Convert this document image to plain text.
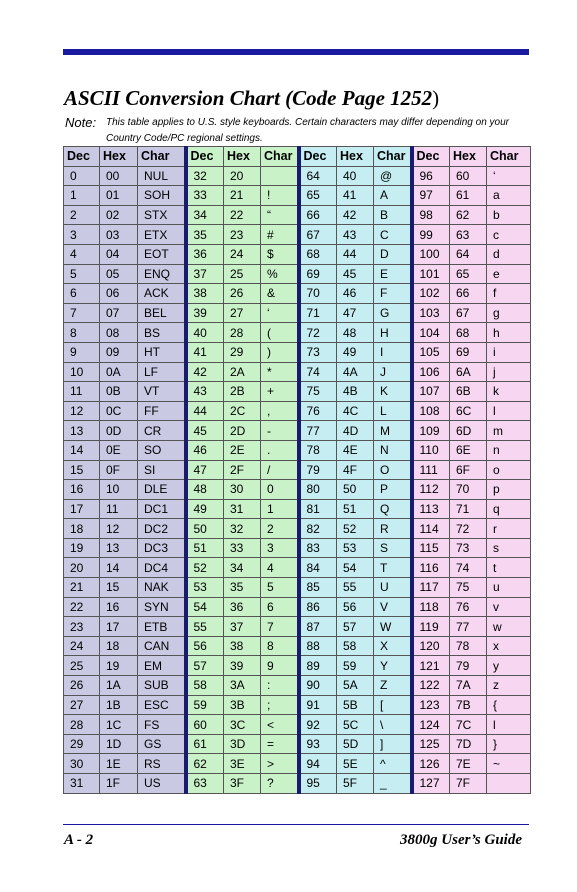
ASCII Conversion Chart (Code Page 1252)
Note: This table applies to U.S. style keyboards. Certain characters may differ depending on your Country Code/PC regional settings.
Dec	Hex	Char	Dec	Hex	Char	Dec	Hex	Char	Dec	Hex	Char
0	00	NUL	32	20		64	40	@	96	60	‘
1	01	SOH	33	21	!	65	41	A	97	61	a
2	02	STX	34	22	“	66	42	B	98	62	b
3	03	ETX	35	23	#	67	43	C	99	63	c
4	04	EOT	36	24	$	68	44	D	100	64	d
5	05	ENQ	37	25	%	69	45	E	101	65	e
6	06	ACK	38	26	&	70	46	F	102	66	f
7	07	BEL	39	27	‘	71	47	G	103	67	g
8	08	BS	40	28	(	72	48	H	104	68	h
9	09	HT	41	29	)	73	49	I	105	69	i
10	0A	LF	42	2A	*	74	4A	J	106	6A	j
11	0B	VT	43	2B	+	75	4B	K	107	6B	k
12	0C	FF	44	2C	,	76	4C	L	108	6C	l
13	0D	CR	45	2D	-	77	4D	M	109	6D	m
14	0E	SO	46	2E	.	78	4E	N	110	6E	n
15	0F	SI	47	2F	/	79	4F	O	111	6F	o
16	10	DLE	48	30	0	80	50	P	112	70	p
17	11	DC1	49	31	1	81	51	Q	113	71	q
18	12	DC2	50	32	2	82	52	R	114	72	r
19	13	DC3	51	33	3	83	53	S	115	73	s
20	14	DC4	52	34	4	84	54	T	116	74	t
21	15	NAK	53	35	5	85	55	U	117	75	u
22	16	SYN	54	36	6	86	56	V	118	76	v
23	17	ETB	55	37	7	87	57	W	119	77	w
24	18	CAN	56	38	8	88	58	X	120	78	x
25	19	EM	57	39	9	89	59	Y	121	79	y
26	1A	SUB	58	3A	:	90	5A	Z	122	7A	z
27	1B	ESC	59	3B	;	91	5B	[	123	7B	{
28	1C	FS	60	3C	<	92	5C	\	124	7C	l
29	1D	GS	61	3D	=	93	5D	]	125	7D	}
30	1E	RS	62	3E	>	94	5E	^	126	7E	~
31	1F	US	63	3F	?	95	5F	_	127	7F	
A - 2	3800g User’s Guide
